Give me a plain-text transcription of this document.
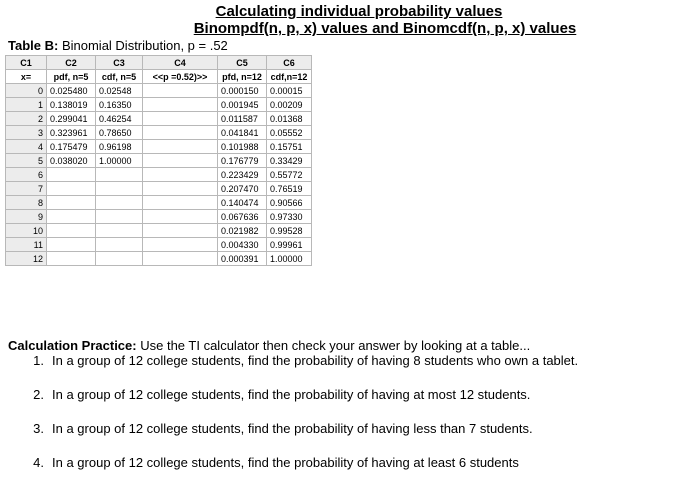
Calculating individual probability values
Binompdf(n, p, x) values and Binomcdf(n, p, x) values
Table B: Binomial Distribution, p = .52
C1	C2	C3	C4	C5	C6
x=	pdf, n=5	cdf, n=5	<<p =0.52)>>	pfd, n=12	cdf,n=12
0	0.025480	0.02548		0.000150	0.00015
1	0.138019	0.16350		0.001945	0.00209
2	0.299041	0.46254		0.011587	0.01368
3	0.323961	0.78650		0.041841	0.05552
4	0.175479	0.96198		0.101988	0.15751
5	0.038020	1.00000		0.176779	0.33429
6				0.223429	0.55772
7				0.207470	0.76519
8				0.140474	0.90566
9				0.067636	0.97330
10				0.021982	0.99528
11				0.004330	0.99961
12				0.000391	1.00000
Calculation Practice: Use the TI calculator then check your answer by looking at a table...
1. In a group of 12 college students, find the probability of having 8 students who own a tablet.
2. In a group of 12 college students, find the probability of having at most 12 students.
3. In a group of 12 college students, find the probability of having less than 7 students.
4. In a group of 12 college students, find the probability of having at least 6 students
